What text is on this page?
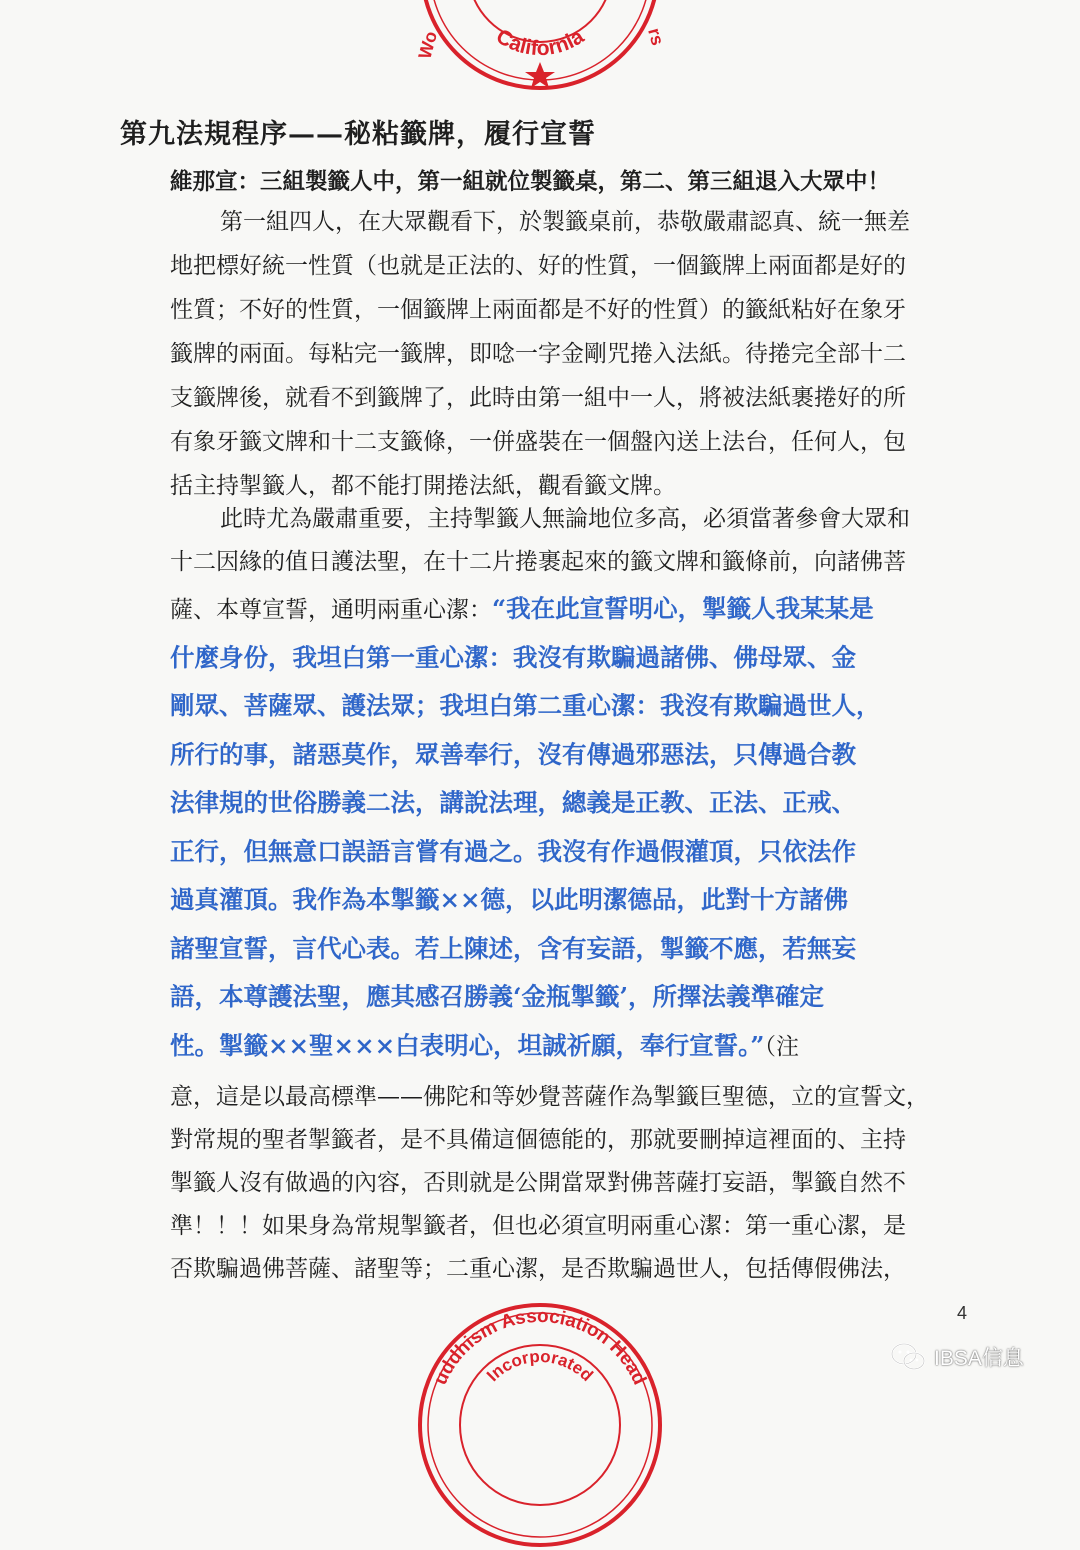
California
Wo	rs
第九法規程序——秘粘籤牌，履行宣誓

維那宣：三組製籤人中，第一組就位製籤桌，第二、第三組退入大眾中！

第一組四人，在大眾觀看下，於製籤桌前，恭敬嚴肅認真、統一無差
地把標好統一性質（也就是正法的、好的性質，一個籤牌上兩面都是好的
性質；不好的性質，一個籤牌上兩面都是不好的性質）的籤紙粘好在象牙
籤牌的兩面。每粘完一籤牌，即唸一字金剛咒捲入法紙。待捲完全部十二
支籤牌後，就看不到籤牌了，此時由第一組中一人，將被法紙裹捲好的所
有象牙籤文牌和十二支籤條，一併盛裝在一個盤內送上法台，任何人，包
括主持掣籤人，都不能打開捲法紙，觀看籤文牌。
此時尤為嚴肅重要，主持掣籤人無論地位多高，必須當著參會大眾和
十二因緣的值日護法聖，在十二片捲裹起來的籤文牌和籤條前，向諸佛菩
薩、本尊宣誓，通明兩重心潔：“我在此宣誓明心，掣籤人我某某是
什麼身份，我坦白第一重心潔：我沒有欺騙過諸佛、佛母眾、金
剛眾、菩薩眾、護法眾；我坦白第二重心潔：我沒有欺騙過世人，
所行的事，諸惡莫作，眾善奉行，沒有傳過邪惡法，只傳過合教
法律規的世俗勝義二法，講說法理，總義是正教、正法、正戒、
正行，但無意口誤語言嘗有過之。我沒有作過假灌頂，只依法作
過真灌頂。我作為本掣籤××德，以此明潔德品，此對十方諸佛
諸聖宣誓，言代心表。若上陳述，含有妄語，掣籤不應，若無妄
語，本尊護法聖，應其感召勝義‘金瓶掣籤’，所擇法義準確定
性。掣籤××聖×××白表明心，坦誠祈願，奉行宣誓。”（注
意，這是以最高標準——佛陀和等妙覺菩薩作為掣籤巨聖德，立的宣誓文，
對常規的聖者掣籤者，是不具備這個德能的，那就要刪掉這裡面的、主持
掣籤人沒有做過的內容，否則就是公開當眾對佛菩薩打妄語，掣籤自然不
準！！！如果身為常規掣籤者，但也必須宣明兩重心潔：第一重心潔，是
否欺騙過佛菩薩、諸聖等；二重心潔，是否欺騙過世人，包括傳假佛法，
4
uddhism Association Head
Incorporated
IBSA信息
